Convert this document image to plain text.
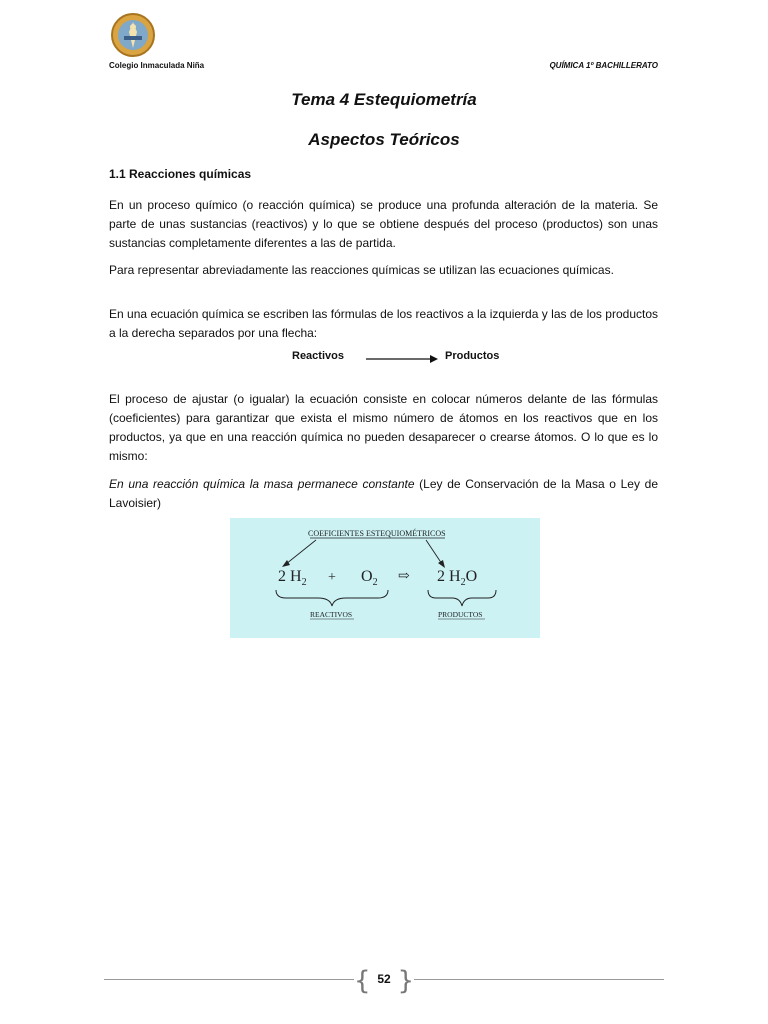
Colegio Inmaculada Niña	QUÍMICA 1º BACHILLERATO
Tema 4 Estequiometría
Aspectos Teóricos
1.1 Reacciones químicas

En un proceso químico (o reacción química) se produce una profunda alteración de la materia. Se parte de unas sustancias (reactivos) y lo que se obtiene después del proceso (productos) son unas sustancias completamente diferentes a las de partida.

Para representar abreviadamente las reacciones químicas se utilizan las ecuaciones químicas.

En una ecuación química se escriben las fórmulas de los reactivos a la izquierda y las de los productos a la derecha separados por una flecha:

Reactivos	Productos

El proceso de ajustar (o igualar) la ecuación consiste en colocar números delante de las fórmulas (coeficientes) para garantizar que exista el mismo número de átomos en los reactivos que en los productos, ya que en una reacción química no pueden desaparecer o crearse átomos. O lo que es lo mismo:

En una reacción química la masa permanece constante (Ley de Conservación de la Masa o Ley de Lavoisier)

COEFICIENTES ESTEQUIOMÉTRICOS
2 $H_2 + O_2$ ⇨ 2 $H_2O$
REACTIVOS	PRODUCTOS
{ 52 }
